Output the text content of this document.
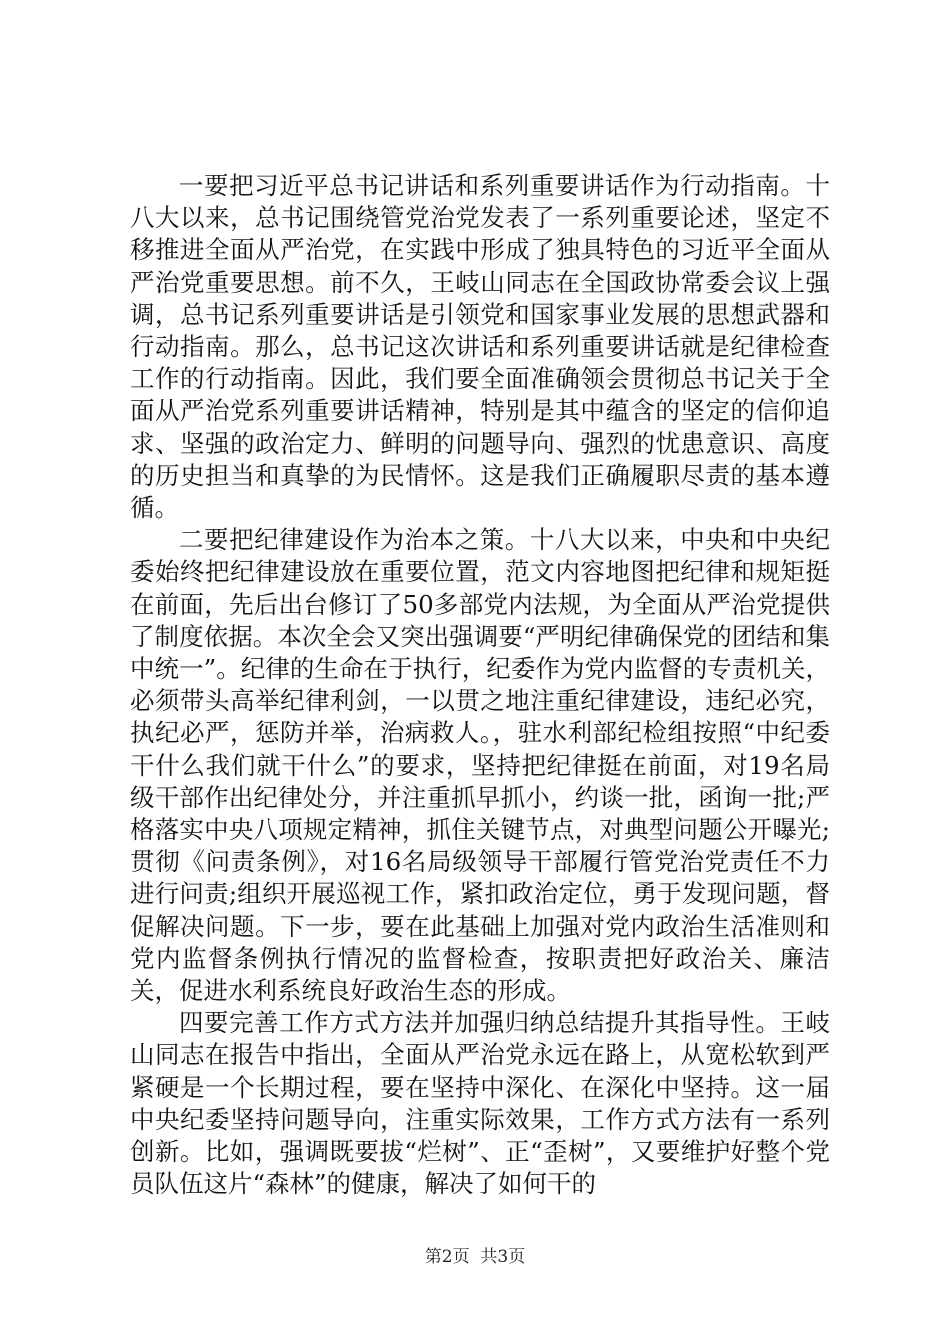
一要把习近平总书记讲话和系列重要讲话作为行动指南。十八大以来，总书记围绕管党治党发表了一系列重要论述，坚定不移推进全面从严治党，在实践中形成了独具特色的习近平全面从严治党重要思想。前不久，王岐山同志在全国政协常委会议上强调，总书记系列重要讲话是引领党和国家事业发展的思想武器和行动指南。那么，总书记这次讲话和系列重要讲话就是纪律检查工作的行动指南。因此，我们要全面准确领会贯彻总书记关于全面从严治党系列重要讲话精神，特别是其中蕴含的坚定的信仰追求、坚强的政治定力、鲜明的问题导向、强烈的忧患意识、高度的历史担当和真挚的为民情怀。这是我们正确履职尽责的基本遵循。

二要把纪律建设作为治本之策。十八大以来，中央和中央纪委始终把纪律建设放在重要位置，范文内容地图把纪律和规矩挺在前面，先后出台修订了50多部党内法规，为全面从严治党提供了制度依据。本次全会又突出强调要“严明纪律确保党的团结和集中统一”。纪律的生命在于执行，纪委作为党内监督的专责机关，必须带头高举纪律利剑，一以贯之地注重纪律建设，违纪必究，执纪必严，惩防并举，治病救人。，驻水利部纪检组按照“中纪委干什么我们就干什么”的要求，坚持把纪律挺在前面，对19名局级干部作出纪律处分，并注重抓早抓小，约谈一批，函询一批;严格落实中央八项规定精神，抓住关键节点，对典型问题公开曝光;贯彻《问责条例》，对16名局级领导干部履行管党治党责任不力进行问责;组织开展巡视工作，紧扣政治定位，勇于发现问题，督促解决问题。下一步，要在此基础上加强对党内政治生活准则和党内监督条例执行情况的监督检查，按职责把好政治关、廉洁关，促进水利系统良好政治生态的形成。

四要完善工作方式方法并加强归纳总结提升其指导性。王岐山同志在报告中指出，全面从严治党永远在路上，从宽松软到严紧硬是一个长期过程，要在坚持中深化、在深化中坚持。这一届中央纪委坚持问题导向，注重实际效果，工作方式方法有一系列创新。比如，强调既要拔“烂树”、正“歪树”，又要维护好整个党员队伍这片“森林”的健康，解决了如何干的

第2页  共3页
